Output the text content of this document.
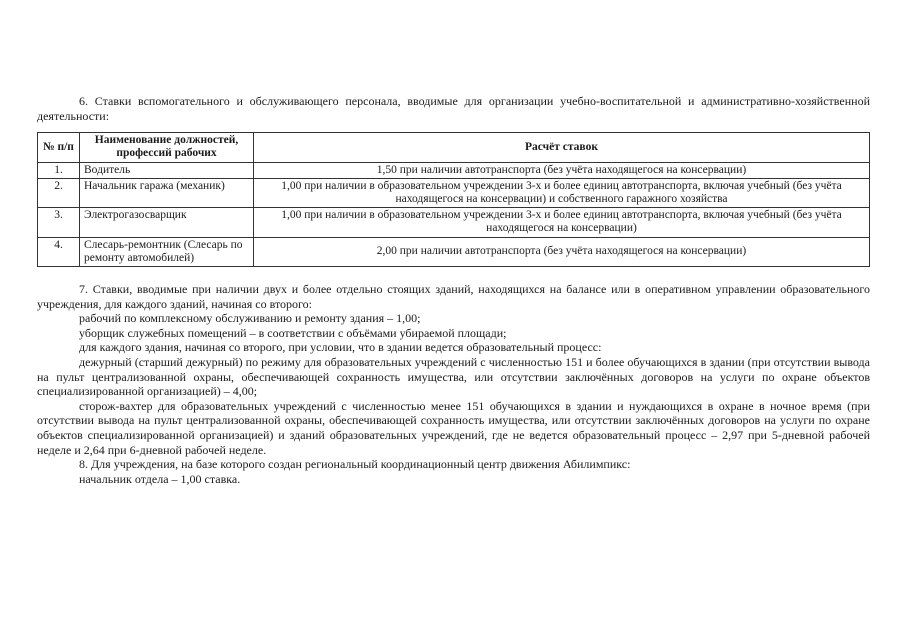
6. Ставки вспомогательного и обслуживающего персонала, вводимые для организации учебно-воспитательной и административно-хозяйственной деятельности:

№ п/п	Наименование должностей, профессий рабочих	Расчёт ставок
1.	Водитель	1,50 при наличии автотранспорта (без учёта находящегося на консервации)
2.	Начальник гаража (механик)	1,00 при наличии в образовательном учреждении 3-х и более единиц автотранспорта, включая учебный (без учёта находящегося на консервации) и собственного гаражного хозяйства
3.	Электрогазосварщик	1,00 при наличии в образовательном учреждении 3-х и более единиц автотранспорта, включая учебный (без учёта находящегося на консервации)
4.	Слесарь-ремонтник (Слесарь по ремонту автомобилей)	2,00 при наличии автотранспорта (без учёта находящегося на консервации)

7. Ставки, вводимые при наличии двух и более отдельно стоящих зданий, находящихся на балансе или в оперативном управлении образовательного учреждения, для каждого зданий, начиная со второго:

рабочий по комплексному обслуживанию и ремонту здания – 1,00;

уборщик служебных помещений – в соответствии с объёмами убираемой площади;

для каждого здания, начиная со второго, при условии, что в здании ведется образовательный процесс:

дежурный (старший дежурный) по режиму для образовательных учреждений с численностью 151 и более обучающихся в здании (при отсутствии вывода на пульт централизованной охраны, обеспечивающей сохранность имущества, или отсутствии заключённых договоров на услуги по охране объектов специализированной организацией) – 4,00;

сторож-вахтер для образовательных учреждений с численностью менее 151 обучающихся в здании и нуждающихся в охране в ночное время (при отсутствии вывода на пульт централизованной охраны, обеспечивающей сохранность имущества, или отсутствии заключённых договоров на услуги по охране объектов специализированной организацией) и зданий образовательных учреждений, где не ведется образовательный процесс – 2,97 при 5-дневной рабочей неделе и 2,64 при 6-дневной рабочей неделе.

8. Для учреждения, на базе которого создан региональный координационный центр движения Абилимпикс:

начальник отдела – 1,00 ставка.
